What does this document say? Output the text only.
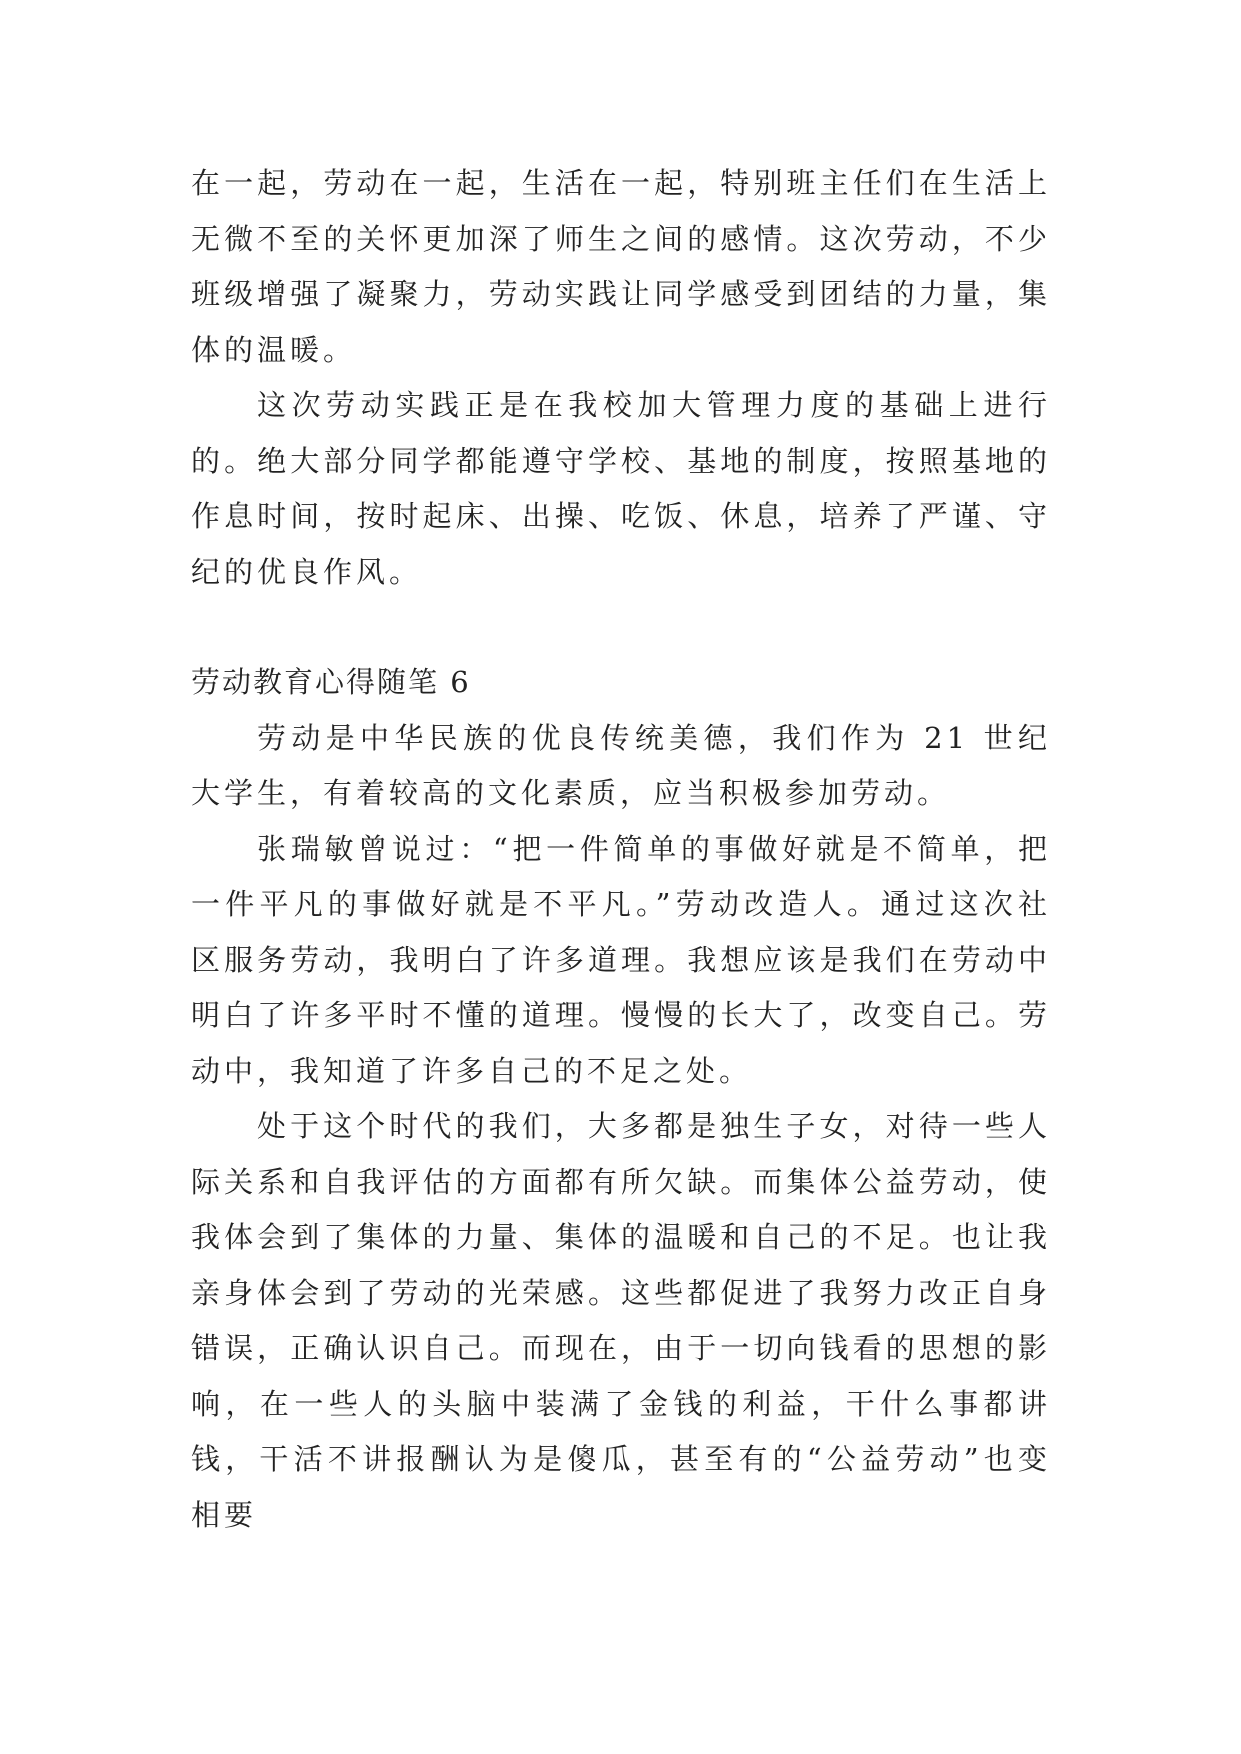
在一起，劳动在一起，生活在一起，特别班主任们在生活上无微不至的关怀更加深了师生之间的感情。这次劳动，不少班级增强了凝聚力，劳动实践让同学感受到团结的力量，集体的温暖。

这次劳动实践正是在我校加大管理力度的基础上进行的。绝大部分同学都能遵守学校、基地的制度，按照基地的作息时间，按时起床、出操、吃饭、休息，培养了严谨、守纪的优良作风。

劳动教育心得随笔 6

劳动是中华民族的优良传统美德，我们作为 21 世纪大学生，有着较高的文化素质，应当积极参加劳动。

张瑞敏曾说过：“把一件简单的事做好就是不简单，把一件平凡的事做好就是不平凡。”劳动改造人。通过这次社区服务劳动，我明白了许多道理。我想应该是我们在劳动中明白了许多平时不懂的道理。慢慢的长大了，改变自己。劳动中，我知道了许多自己的不足之处。

处于这个时代的我们，大多都是独生子女，对待一些人际关系和自我评估的方面都有所欠缺。而集体公益劳动，使我体会到了集体的力量、集体的温暖和自己的不足。也让我亲身体会到了劳动的光荣感。这些都促进了我努力改正自身错误，正确认识自己。而现在，由于一切向钱看的思想的影响，在一些人的头脑中装满了金钱的利益，干什么事都讲钱，干活不讲报酬认为是傻瓜，甚至有的“公益劳动”也变相要
